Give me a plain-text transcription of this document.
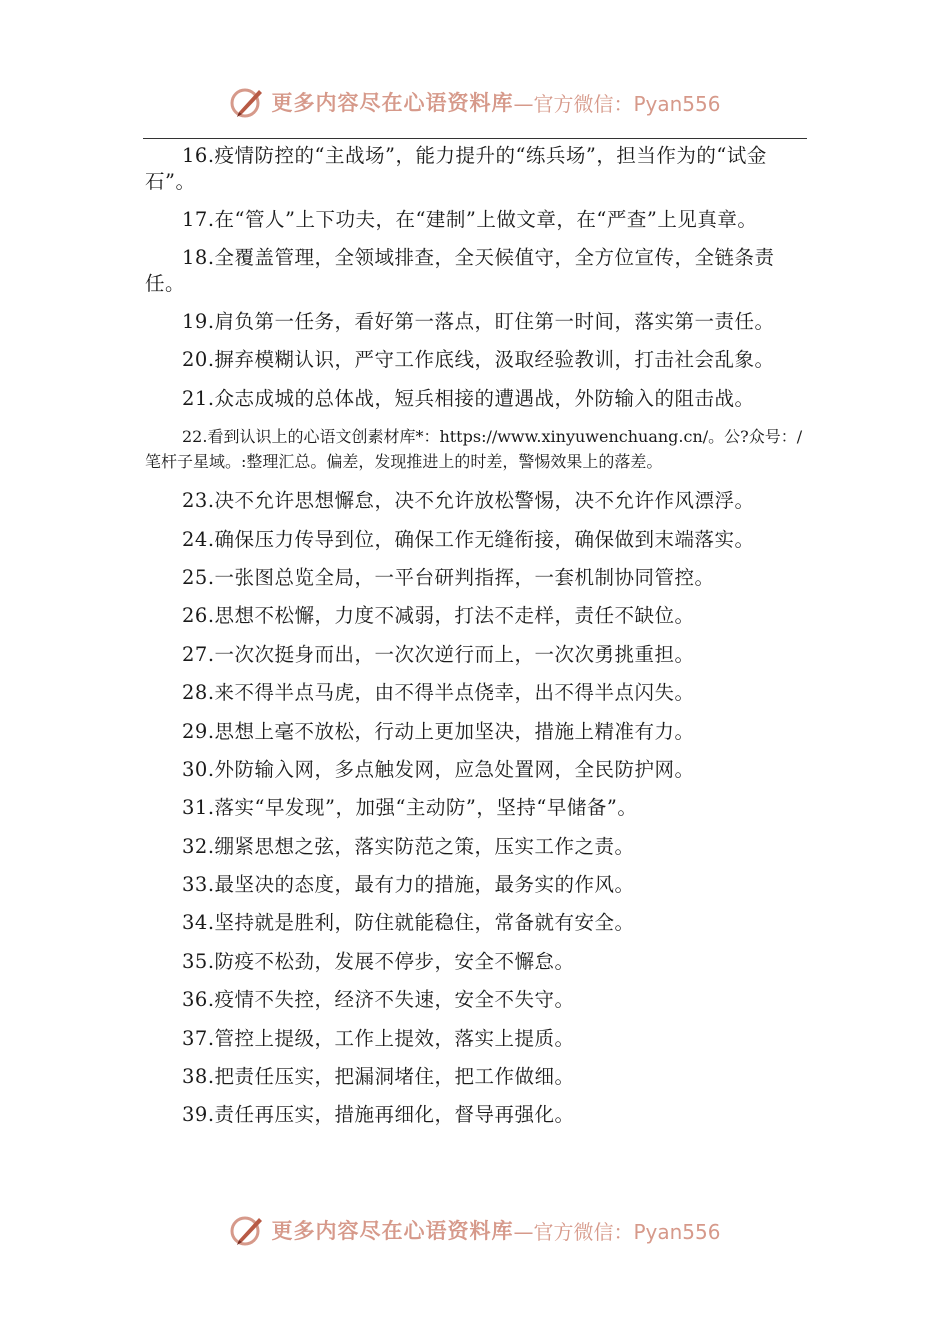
更多内容尽在心语资料库 —官方微信：Pyan556

16.疫情防控的“主战场”，能力提升的“练兵场”，担当作为的“试金石”。

17.在“管人”上下功夫，在“建制”上做文章，在“严查”上见真章。

18.全覆盖管理，全领域排查，全天候值守，全方位宣传，全链条责任。

19.肩负第一任务，看好第一落点，盯住第一时间，落实第一责任。

20.摒弃模糊认识，严守工作底线，汲取经验教训，打击社会乱象。

21.众志成城的总体战，短兵相接的遭遇战，外防输入的阻击战。

22.看到认识上的心语文创素材库*：https://www.xinyuwenchuang.cn/。公?众号：/笔杆子星域。:整理汇总。偏差，发现推进上的时差，警惕效果上的落差。

23.决不允许思想懈怠，决不允许放松警惕，决不允许作风漂浮。

24.确保压力传导到位，确保工作无缝衔接，确保做到末端落实。

25.一张图总览全局，一平台研判指挥，一套机制协同管控。

26.思想不松懈，力度不减弱，打法不走样，责任不缺位。

27.一次次挺身而出，一次次逆行而上，一次次勇挑重担。

28.来不得半点马虎，由不得半点侥幸，出不得半点闪失。

29.思想上毫不放松，行动上更加坚决，措施上精准有力。

30.外防输入网，多点触发网，应急处置网，全民防护网。

31.落实“早发现”，加强“主动防”，坚持“早储备”。

32.绷紧思想之弦，落实防范之策，压实工作之责。

33.最坚决的态度，最有力的措施，最务实的作风。

34.坚持就是胜利，防住就能稳住，常备就有安全。

35.防疫不松劲，发展不停步，安全不懈怠。

36.疫情不失控，经济不失速，安全不失守。

37.管控上提级，工作上提效，落实上提质。

38.把责任压实，把漏洞堵住，把工作做细。

39.责任再压实，措施再细化，督导再强化。

更多内容尽在心语资料库 —官方微信：Pyan556
